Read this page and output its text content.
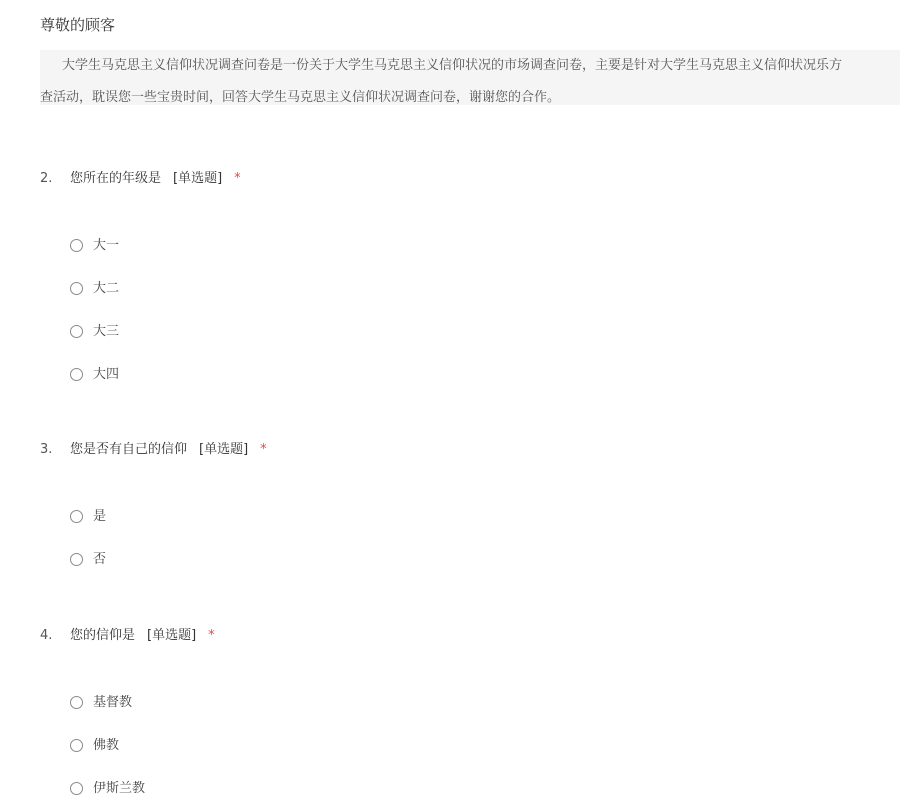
尊敬的顾客
大学生马克思主义信仰状况调查问卷是一份关于大学生马克思主义信仰状况的市场调查问卷，主要是针对大学生马克思主义信仰状况乐方
查活动，耽误您一些宝贵时间，回答大学生马克思主义信仰状况调查问卷，谢谢您的合作。
2. 您所在的年级是 [单选题] *
大一
大二
大三
大四
3. 您是否有自己的信仰 [单选题] *
是
否
4. 您的信仰是 [单选题] *
基督教
佛教
伊斯兰教
